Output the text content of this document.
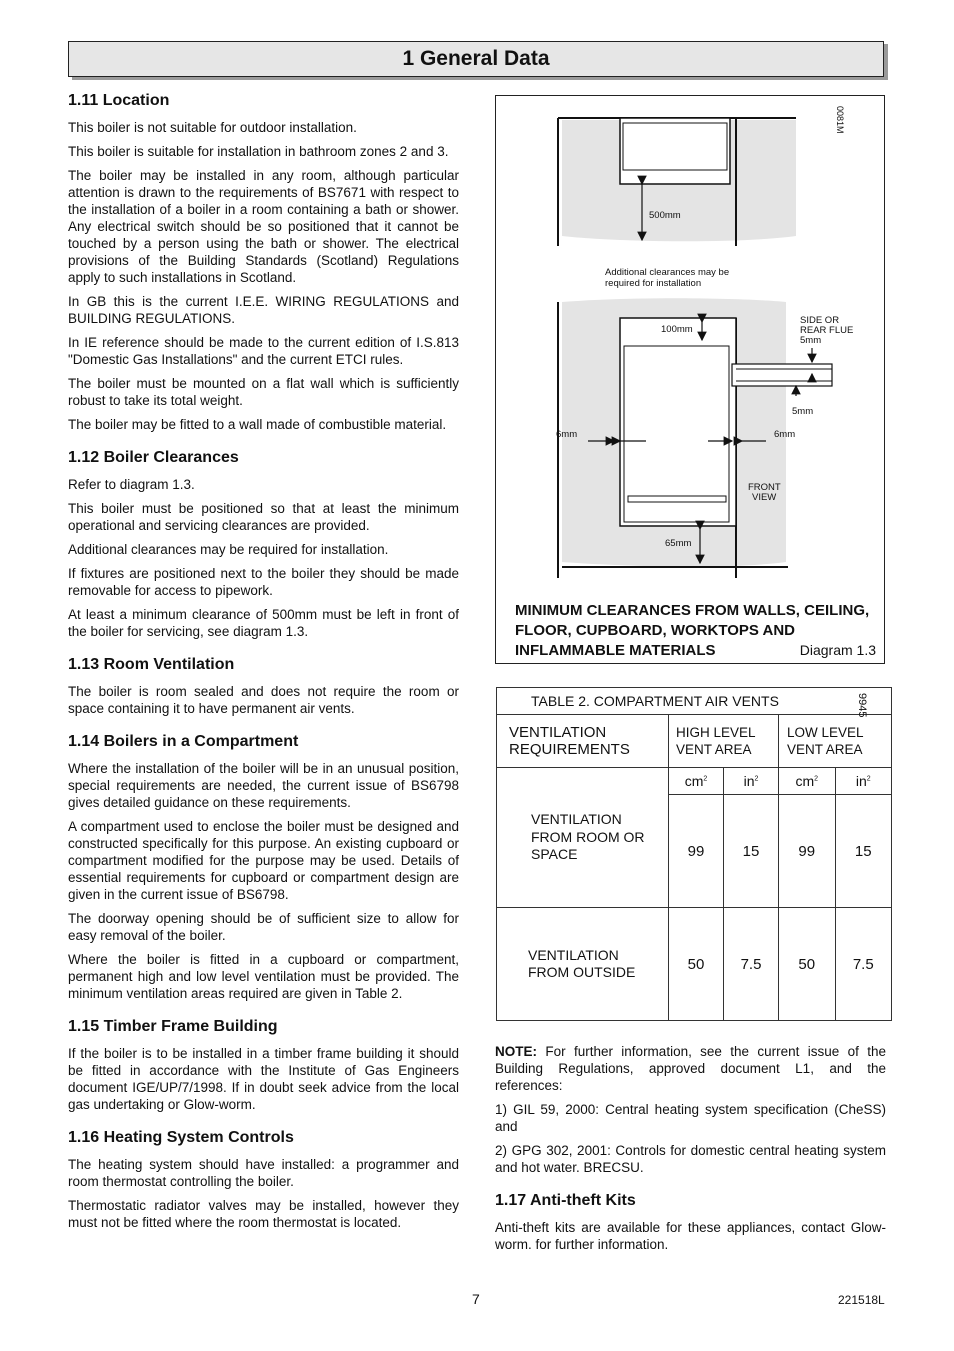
1 General Data
1.11 Location

This boiler is not suitable for outdoor installation.

This boiler is suitable for installation in bathroom zones 2 and 3.

The boiler may be installed in any room, although particular attention is drawn to the requirements of BS7671 with respect to the installation of a boiler in a room containing a bath or shower. Any electrical switch should be so positioned that it cannot be touched by a person using the bath or shower. The electrical provisions of the Building Standards (Scotland) Regulations apply to such installations in Scotland.

In GB this is the current I.E.E. WIRING REGULATIONS and BUILDING REGULATIONS.

In IE reference should be made to the current edition of I.S.813 "Domestic Gas Installations" and the current ETCI rules.

The boiler must be mounted on a flat wall which is sufficiently robust to take its total weight.

The boiler may be fitted to a wall made of combustible material.

1.12 Boiler Clearances

Refer to diagram 1.3.

This boiler must be positioned so that at least the minimum operational and servicing clearances are provided.

Additional clearances may be required for installation.

If fixtures are positioned next to the boiler they should be made removable for access to pipework.

At least a minimum clearance of 500mm must be left in front of the boiler for servicing, see diagram 1.3.

1.13 Room Ventilation

The boiler is room sealed and does not require the room or space containing it to have permanent air vents.

1.14 Boilers in a Compartment

Where the installation of the boiler will be in an unusual position, special requirements are needed, the current issue of BS6798 gives detailed guidance on these requirements.

A compartment used to enclose the boiler must be designed and constructed specifically for this purpose. An existing cupboard or compartment modified for the purpose may be used. Details of essential requirements for cupboard or compartment design are given in the current issue of BS6798.

The doorway opening should be of sufficient size to allow for easy removal of the boiler.

Where the boiler is fitted in a cupboard or compartment, permanent high and low level ventilation must be provided. The minimum ventilation areas required are given in Table 2.

1.15 Timber Frame Building

If the boiler is to be installed in a timber frame building it should be fitted in accordance with the Institute of Gas Engineers document IGE/UP/7/1998. If in doubt seek advice from the local gas undertaking or Glow-worm.

1.16 Heating System Controls

The heating system should have installed: a programmer and room thermostat controlling the boiler.

Thermostatic radiator valves may be installed, however they must not be fitted where the room thermostat is located.

500mm
Additional clearances may be
required for installation
0081M
100mm
SIDE OR
REAR FLUE
5mm
5mm
6mm	6mm
FRONT
VIEW
65mm
MINIMUM CLEARANCES FROM WALLS, CEILING, FLOOR, CUPBOARD, WORKTOPS AND INFLAMMABLE MATERIALS	Diagram 1.3
TABLE 2. COMPARTMENT AIR VENTS				
VENTILATION REQUIREMENTS	HIGH LEVEL VENT AREA		LOW LEVEL VENT AREA	

VENTILATION FROM ROOM OR SPACE	$cm^2$	$in^2$	$cm^2$	$in^2$
	99	15	99	15
VENTILATION FROM OUTSIDE	50	7.5	50	7.5
9945

NOTE: For further information, see the current issue of the Building Regulations, approved document L1, and the references:

1) GIL 59, 2000: Central heating system specification (CheSS) and

2) GPG 302, 2001: Controls for domestic central heating system and hot water. BRECSU.

1.17 Anti-theft Kits

Anti-theft kits are available for these appliances, contact Glow-worm. for further information.

7	221518L
